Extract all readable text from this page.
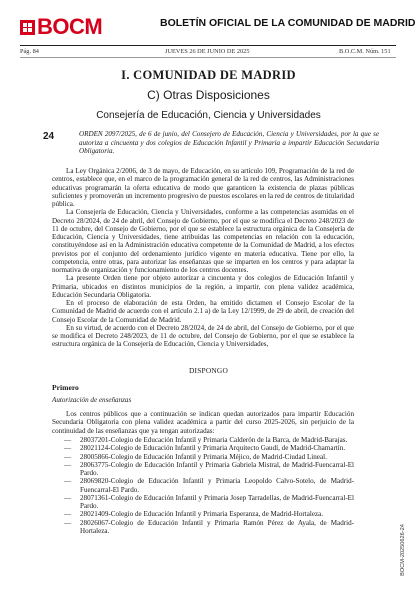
BOCM	BOLETÍN OFICIAL DE LA COMUNIDAD DE MADRID
Pág. 84	JUEVES 26 DE JUNIO DE 2025	B.O.C.M. Núm. 151
I. COMUNIDAD DE MADRID
C) Otras Disposiciones
Consejería de Educación, Ciencia y Universidades
24	ORDEN 2097/2025, de 6 de junio, del Consejero de Educación, Ciencia y Universidades, por la que se autoriza a cincuenta y dos colegios de Educación Infantil y Primaria a impartir Educación Secundaria Obligatoria.

La Ley Orgánica 2/2006, de 3 de mayo, de Educación, en su artículo 109, Programación de la red de centros, establece que, en el marco de la programación general de la red de centros, las Administraciones educativas programarán la oferta educativa de modo que garanticen la existencia de plazas públicas suficientes y promoverán un incremento progresivo de puestos escolares en la red de centros de titularidad pública.

La Consejería de Educación, Ciencia y Universidades, conforme a las competencias asumidas en el Decreto 28/2024, de 24 de abril, del Consejo de Gobierno, por el que se modifica el Decreto 248/2023 de 11 de octubre, del Consejo de Gobierno, por el que se establece la estructura orgánica de la Consejería de Educación, Ciencia y Universidades, tiene atribuidas las competencias en relación con la educación, constituyéndose así en la Administración educativa competente de la Comunidad de Madrid, a los efectos previstos por el conjunto del ordenamiento jurídico vigente en materia educativa. Tiene por ello, la competencia, entre otras, para autorizar las enseñanzas que se imparten en los centros y para adaptar la normativa de organización y funcionamiento de los centros docentes.

La presente Orden tiene por objeto autorizar a cincuenta y dos colegios de Educación Infantil y Primaria, ubicados en distintos municipios de la región, a impartir, con plena validez académica, Educación Secundaria Obligatoria.

En el proceso de elaboración de esta Orden, ha emitido dictamen el Consejo Escolar de la Comunidad de Madrid de acuerdo con el artículo 2.1 a) de la Ley 12/1999, de 29 de abril, de creación del Consejo Escolar de la Comunidad de Madrid.

En su virtud, de acuerdo con el Decreto 28/2024, de 24 de abril, del Consejo de Gobierno, por el que se modifica el Decreto 248/2023, de 11 de octubre, del Consejo de Gobierno, por el que se establece la estructura orgánica de la Consejería de Educación, Ciencia y Universidades,

DISPONGO
Primero
Autorización de enseñanzas

Los centros públicos que a continuación se indican quedan autorizados para impartir Educación Secundaria Obligatoria con plena validez académica a partir del curso 2025-2026, sin perjuicio de la continuidad de las enseñanzas que ya tengan autorizadas:

— 28037201-Colegio de Educación Infantil y Primaria Calderón de la Barca, de Madrid-Barajas.
— 28021124-Colegio de Educación Infantil y Primaria Arquitecto Gaudí, de Madrid-Chamartín.
— 28005866-Colegio de Educación Infantil y Primaria Méjico, de Madrid-Ciudad Lineal.
— 28063775-Colegio de Educación Infantil y Primaria Gabriela Mistral, de Madrid-Fuencarral-El Pardo.
— 28069820-Colegio de Educación Infantil y Primaria Leopoldo Calvo-Sotelo, de Madrid-Fuencarral-El Pardo.
— 28071361-Colegio de Educación Infantil y Primaria Josep Tarradellas, de Madrid-Fuencarral-El Pardo.
— 28021409-Colegio de Educación Infantil y Primaria Esperanza, de Madrid-Hortaleza.
— 28026067-Colegio de Educación Infantil y Primaria Ramón Pérez de Ayala, de Madrid-Hortaleza.	BOCM-20250626-24
